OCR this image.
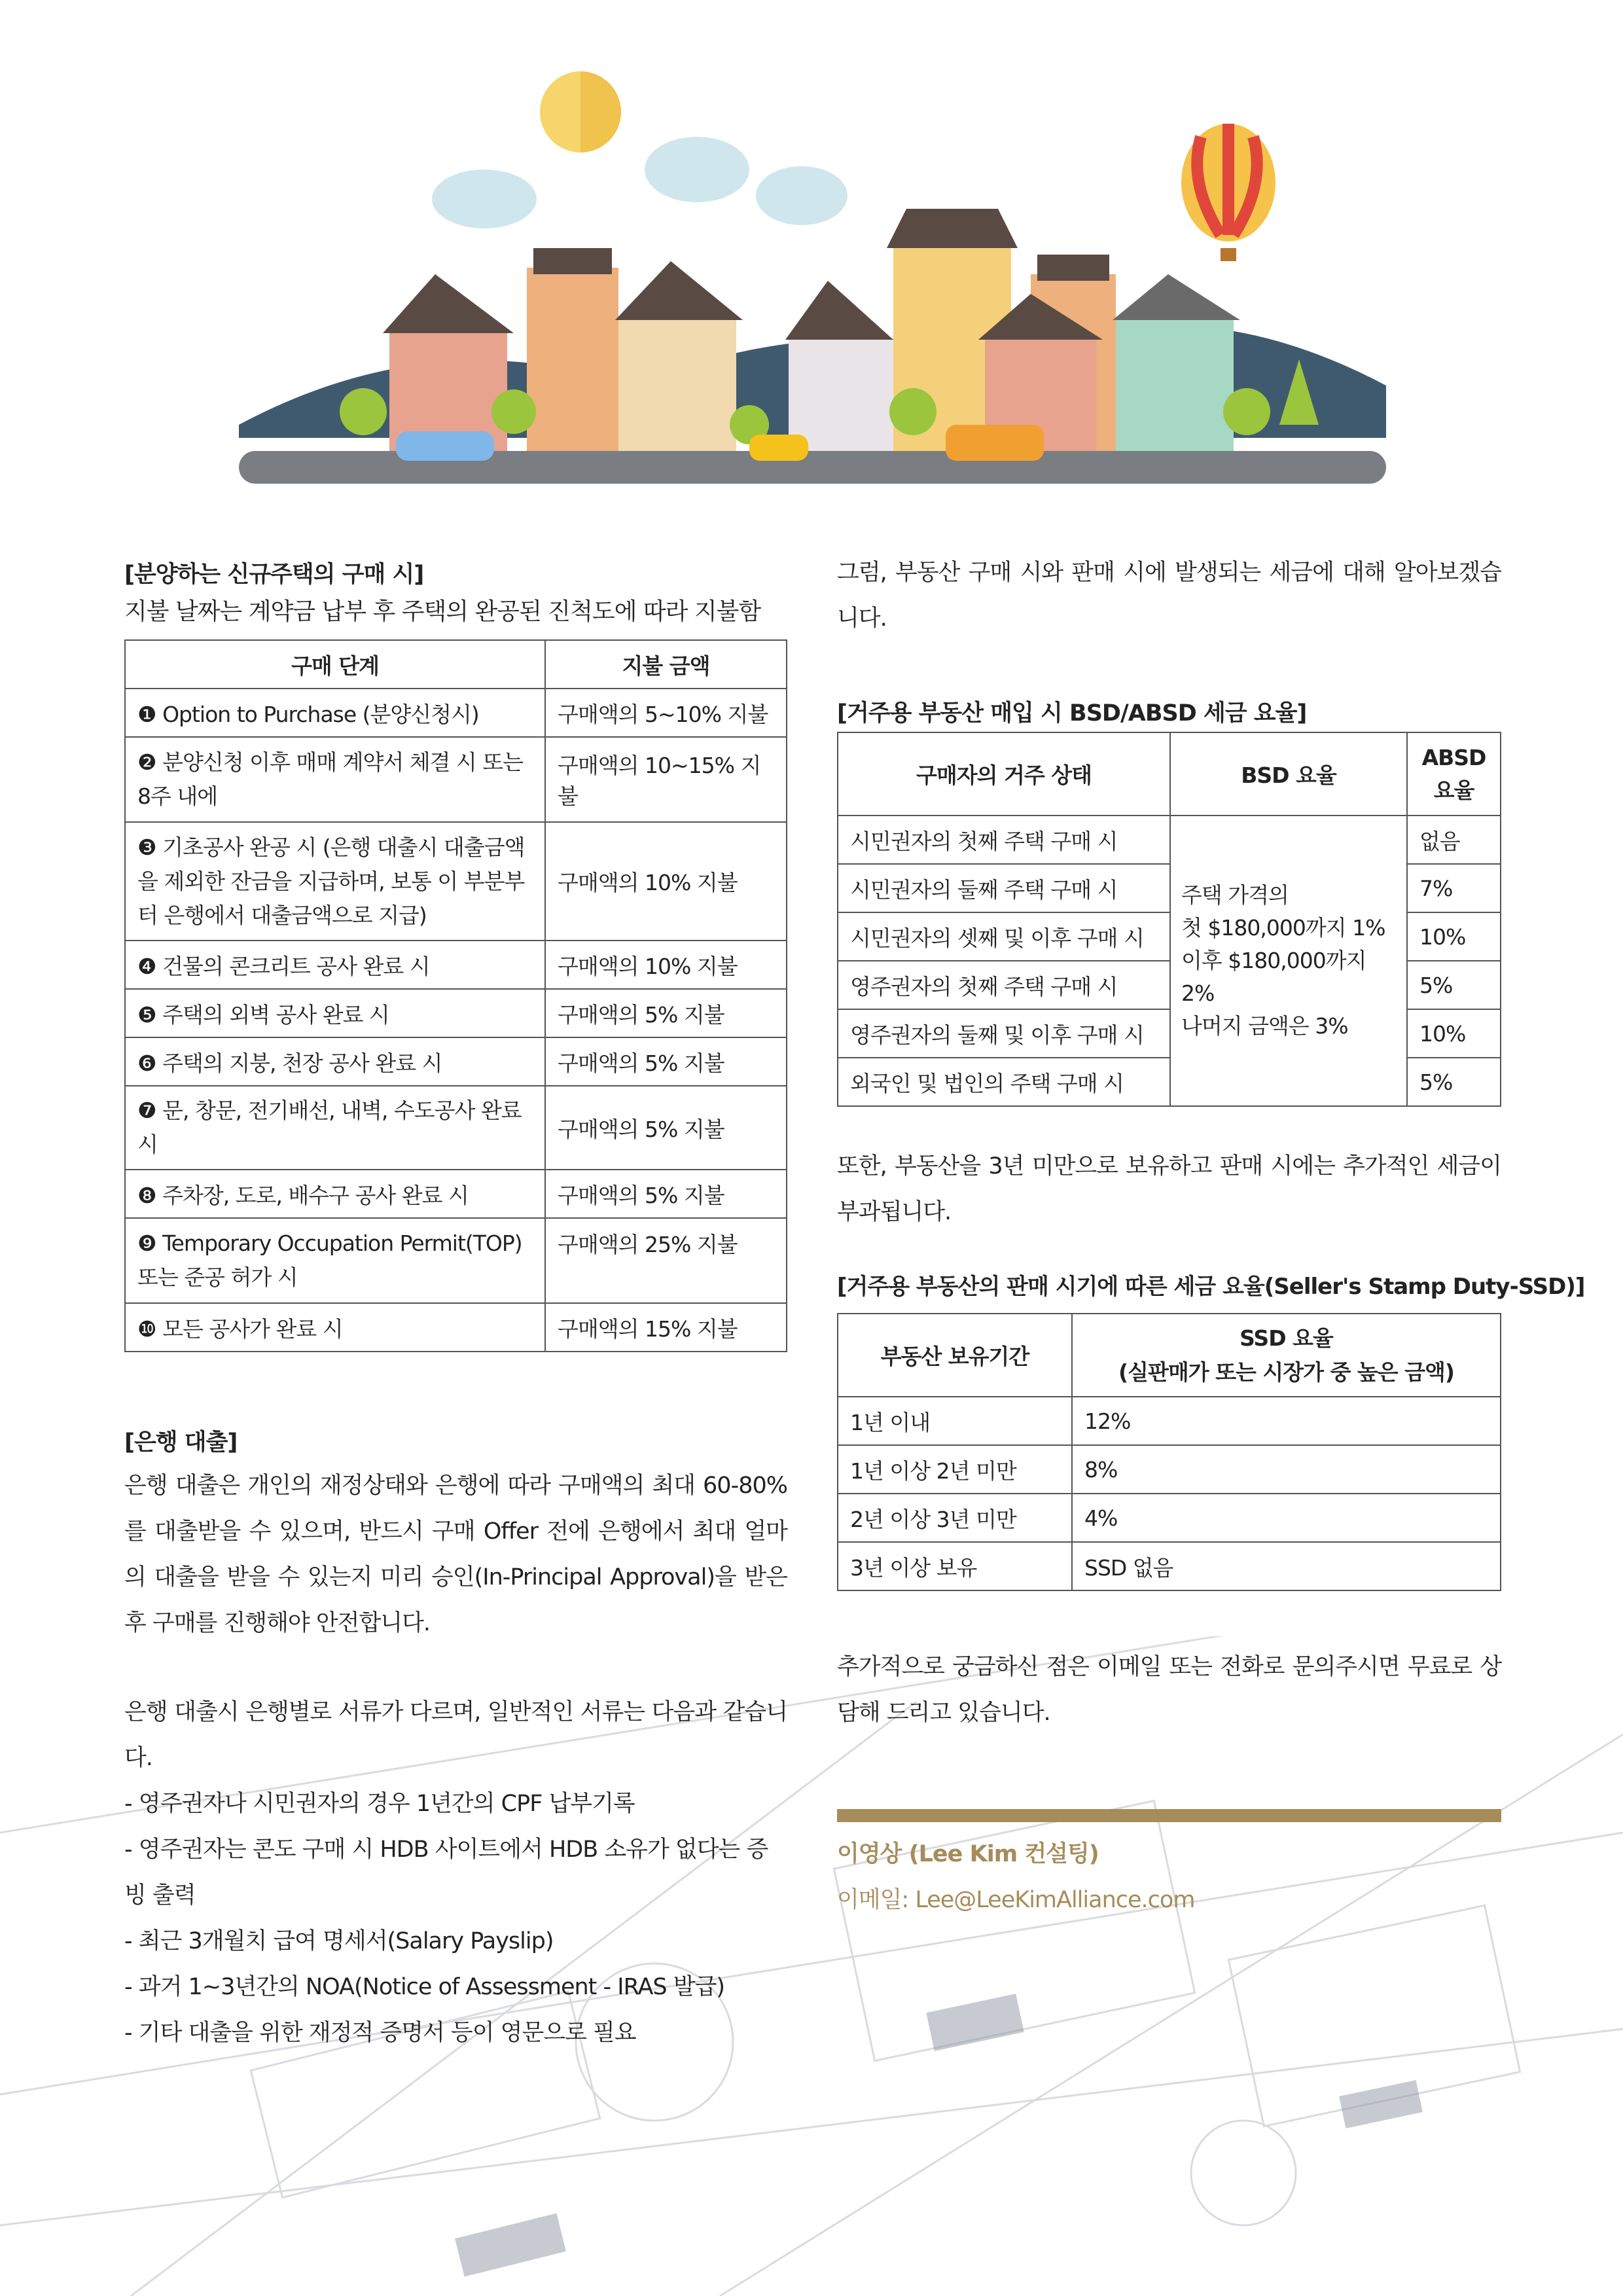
[분양하는 신규주택의 구매 시]
지불 날짜는 계약금 납부 후 주택의 완공된 진척도에 따라 지불함
구매 단계	지불 금액
❶ Option to Purchase (분양신청시)	구매액의 5~10% 지불
❷ 분양신청 이후 매매 계약서 체결 시 또는 8주 내에	구매액의 10~15% 지불
❸ 기초공사 완공 시 (은행 대출시 대출금액을 제외한 잔금을 지급하며, 보통 이 부분부터 은행에서 대출금액으로 지급)	구매액의 10% 지불
❹ 건물의 콘크리트 공사 완료 시	구매액의 10% 지불
❺ 주택의 외벽 공사 완료 시	구매액의 5% 지불
❻ 주택의 지붕, 천장 공사 완료 시	구매액의 5% 지불
❼ 문, 창문, 전기배선, 내벽, 수도공사 완료 시	구매액의 5% 지불
❽ 주차장, 도로, 배수구 공사 완료 시	구매액의 5% 지불
❾ Temporary Occupation Permit(TOP) 또는 준공 허가 시	구매액의 25% 지불
❿ 모든 공사가 완료 시	구매액의 15% 지불
[은행 대출]
은행 대출은 개인의 재정상태와 은행에 따라 구매액의 최대 60-80%를 대출받을 수 있으며, 반드시 구매 Offer 전에 은행에서 최대 얼마의 대출을 받을 수 있는지 미리 승인(In-Principal Approval)을 받은 후 구매를 진행해야 안전합니다.
은행 대출시 은행별로 서류가 다르며, 일반적인 서류는 다음과 같습니다.
- 영주권자나 시민권자의 경우 1년간의 CPF 납부기록
- 영주권자는 콘도 구매 시 HDB 사이트에서 HDB 소유가 없다는 증빙 출력
- 최근 3개월치 급여 명세서(Salary Payslip)
- 과거 1~3년간의 NOA(Notice of Assessment - IRAS 발급)
- 기타 대출을 위한 재정적 증명서 등이 영문으로 필요
그럼, 부동산 구매 시와 판매 시에 발생되는 세금에 대해 알아보겠습니다.
[거주용 부동산 매입 시 BSD/ABSD 세금 요율]
구매자의 거주 상태	BSD 요율	ABSD 요율
시민권자의 첫째 주택 구매 시	주택 가격의
첫 $180,000까지 1%
이후 $180,000까지 2%
나머지 금액은 3%	없음
시민권자의 둘째 주택 구매 시		7%
시민권자의 셋째 및 이후 구매 시		10%
영주권자의 첫째 주택 구매 시		5%
영주권자의 둘째 및 이후 구매 시		10%
외국인 및 법인의 주택 구매 시		5%
또한, 부동산을 3년 미만으로 보유하고 판매 시에는 추가적인 세금이 부과됩니다.
[거주용 부동산의 판매 시기에 따른 세금 요율(Seller's Stamp Duty-SSD)]
부동산 보유기간	SSD 요율
(실판매가 또는 시장가 중 높은 금액)

1년 이내	12%
1년 이상 2년 미만	8%
2년 이상 3년 미만	4%
3년 이상 보유	SSD 없음
추가적으로 궁금하신 점은 이메일 또는 전화로 문의주시면 무료로 상담해 드리고 있습니다.
이영상 (Lee Kim 컨설팅)
이메일: Lee@LeeKimAlliance.com
